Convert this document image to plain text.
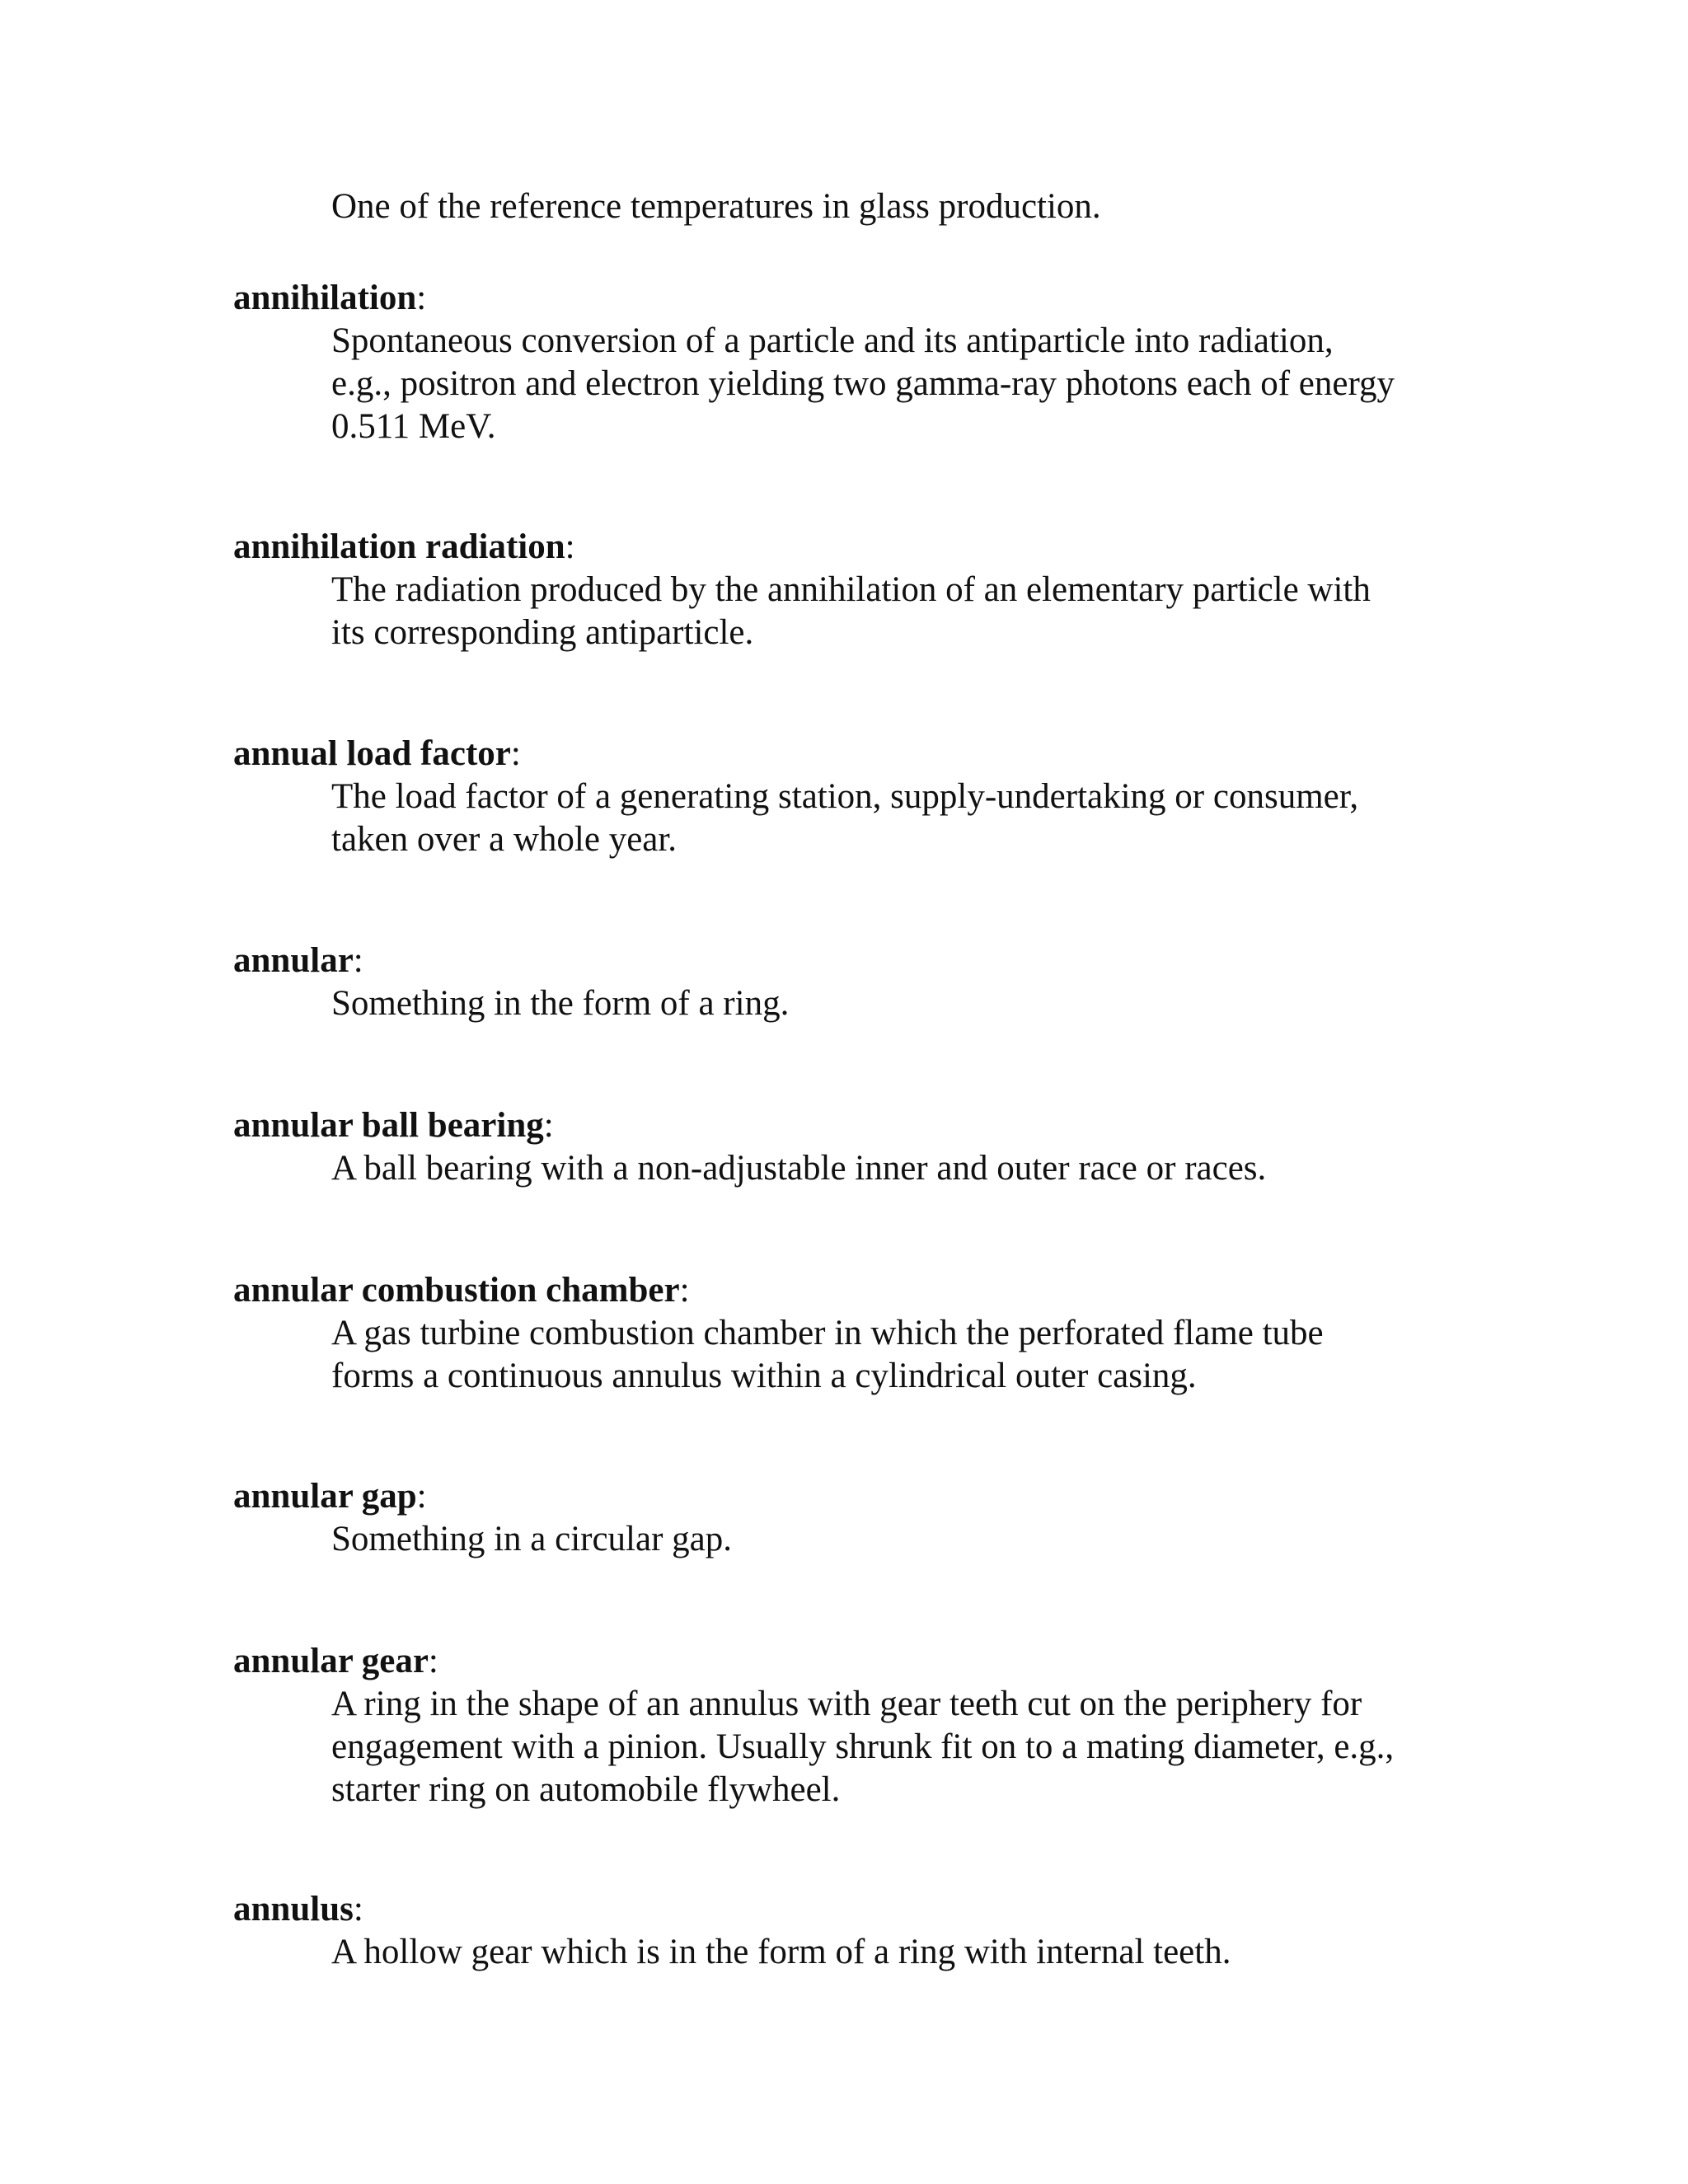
One of the reference temperatures in glass production.

annihilation:

Spontaneous conversion of a particle and its antiparticle into radiation,
e.g., positron and electron yielding two gamma-ray photons each of energy
0.511 MeV.

annihilation radiation:

The radiation produced by the annihilation of an elementary particle with
its corresponding antiparticle.

annual load factor:

The load factor of a generating station, supply-undertaking or consumer,
taken over a whole year.

annular:

Something in the form of a ring.

annular ball bearing:

A ball bearing with a non-adjustable inner and outer race or races.

annular combustion chamber:

A gas turbine combustion chamber in which the perforated flame tube
forms a continuous annulus within a cylindrical outer casing.

annular gap:

Something in a circular gap.

annular gear:

A ring in the shape of an annulus with gear teeth cut on the periphery for
engagement with a pinion. Usually shrunk fit on to a mating diameter, e.g.,
starter ring on automobile flywheel.

annulus:

A hollow gear which is in the form of a ring with internal teeth.
